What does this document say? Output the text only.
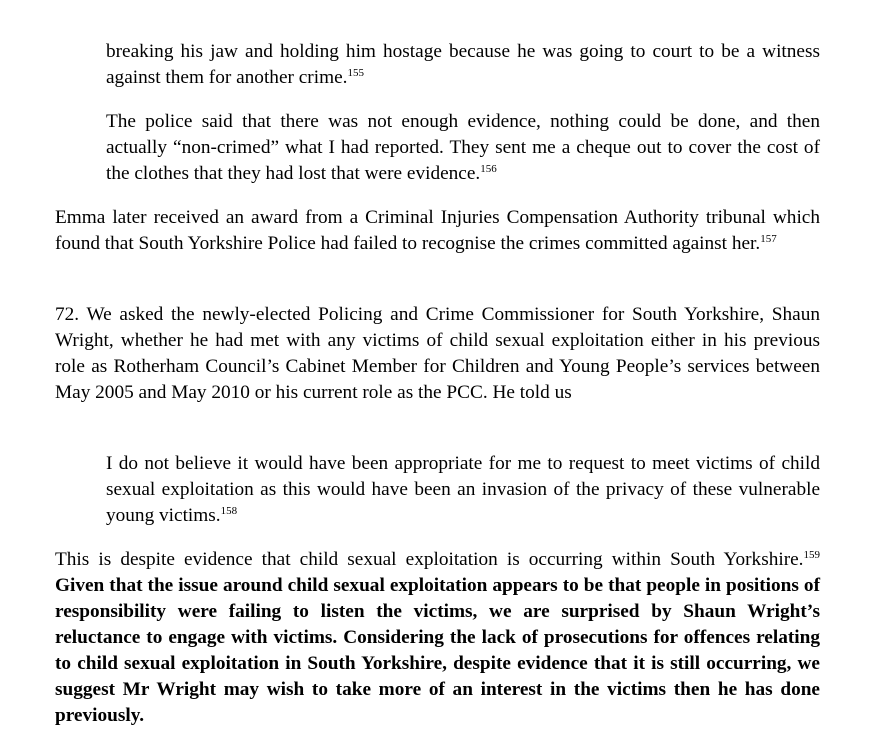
breaking his jaw and holding him hostage because he was going to court to be a witness against them for another crime.$^{155}$

The police said that there was not enough evidence, nothing could be done, and then actually “non-crimed” what I had reported. They sent me a cheque out to cover the cost of the clothes that they had lost that were evidence.$^{156}$

Emma later received an award from a Criminal Injuries Compensation Authority tribunal which found that South Yorkshire Police had failed to recognise the crimes committed against her.$^{157}$

72. We asked the newly-elected Policing and Crime Commissioner for South Yorkshire, Shaun Wright, whether he had met with any victims of child sexual exploitation either in his previous role as Rotherham Council’s Cabinet Member for Children and Young People’s services between May 2005 and May 2010 or his current role as the PCC. He told us

I do not believe it would have been appropriate for me to request to meet victims of child sexual exploitation as this would have been an invasion of the privacy of these vulnerable young victims.$^{158}$

This is despite evidence that child sexual exploitation is occurring within South Yorkshire.$^{159}$ Given that the issue around child sexual exploitation appears to be that people in positions of responsibility were failing to listen the victims, we are surprised by Shaun Wright’s reluctance to engage with victims. Considering the lack of prosecutions for offences relating to child sexual exploitation in South Yorkshire, despite evidence that it is still occurring, we suggest Mr Wright may wish to take more of an interest in the victims then he has done previously.
